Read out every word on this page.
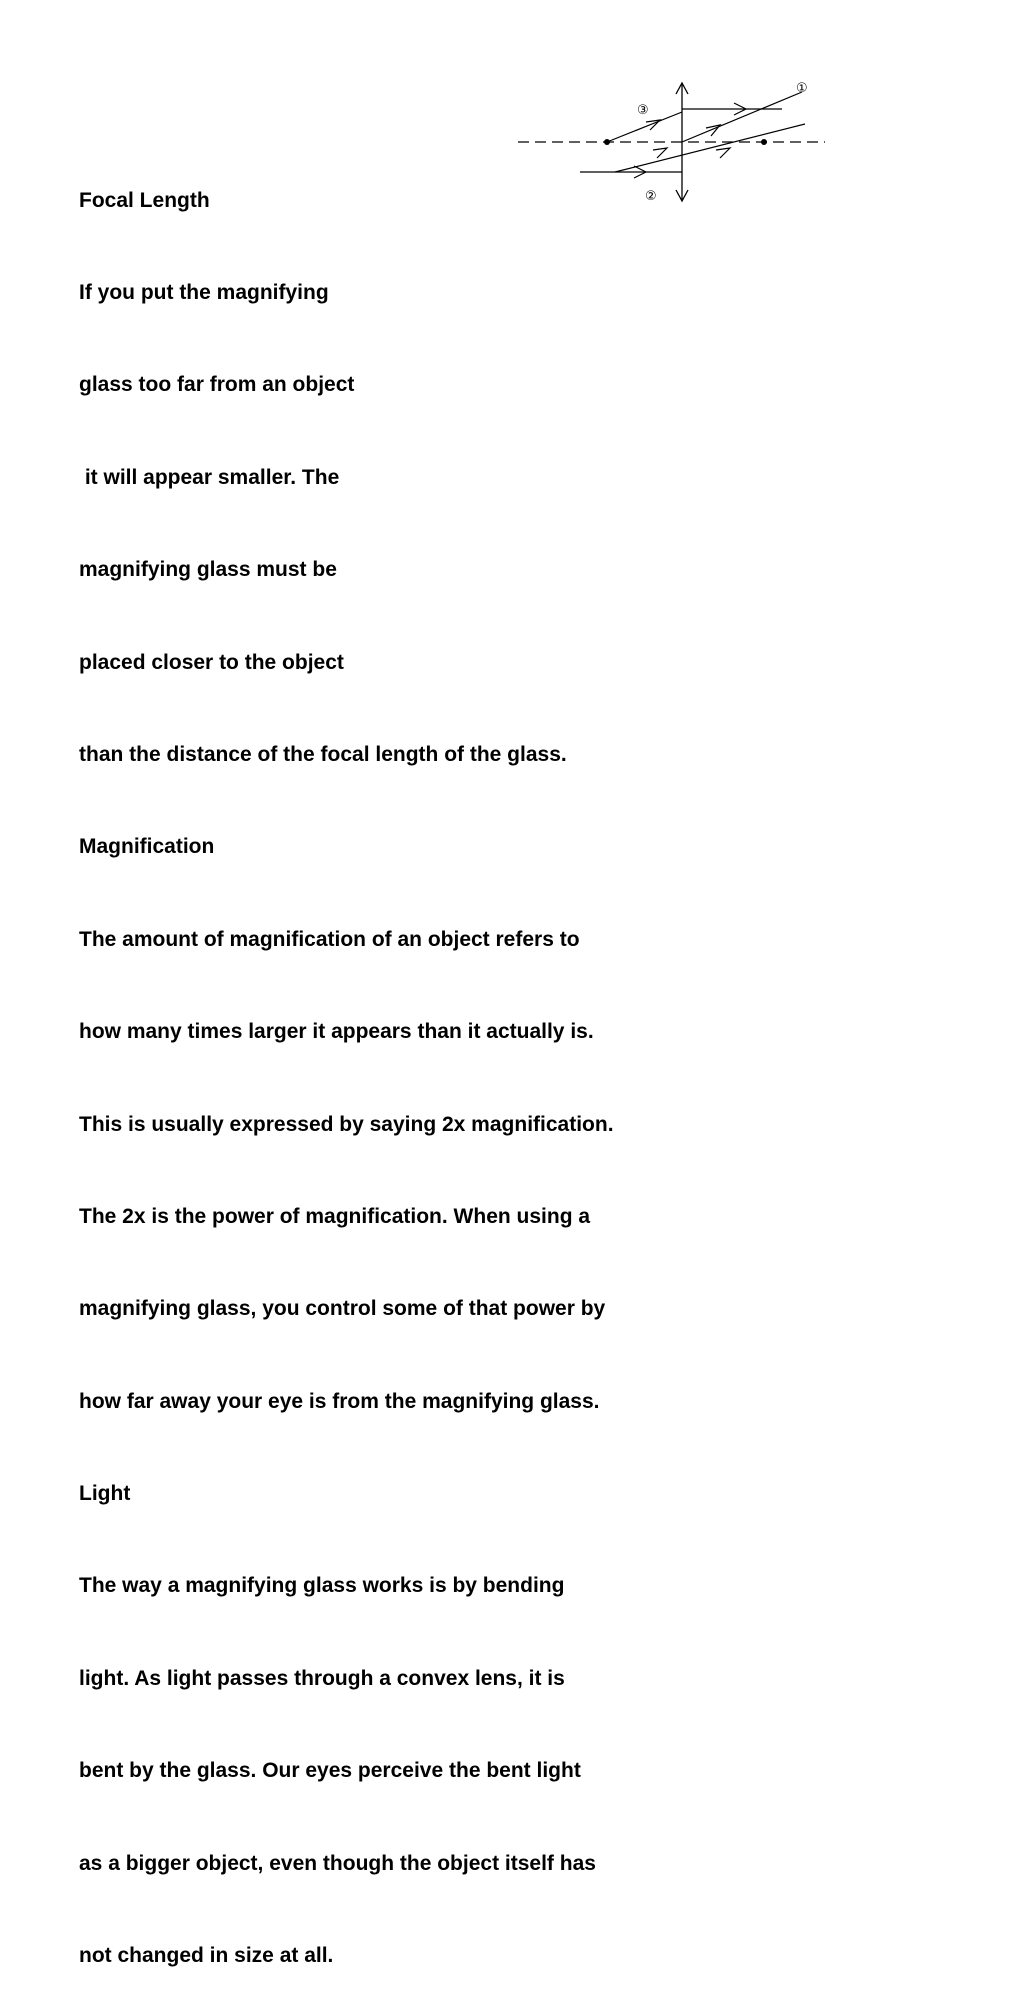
Focal Length

If you put the magnifying

glass too far from an object

it will appear smaller. The

magnifying glass must be

placed closer to the object

than the distance of the focal length of the glass.

Magnification

The amount of magnification of an object refers to

how many times larger it appears than it actually is.

This is usually expressed by saying 2x magnification.

The 2x is the power of magnification. When using a

magnifying glass, you control some of that power by

how far away your eye is from the magnifying glass.

Light

The way a magnifying glass works is by bending

light. As light passes through a convex lens, it is

bent by the glass. Our eyes perceive the bent light

as a bigger object, even though the object itself has

not changed in size at all.

①
②
③
